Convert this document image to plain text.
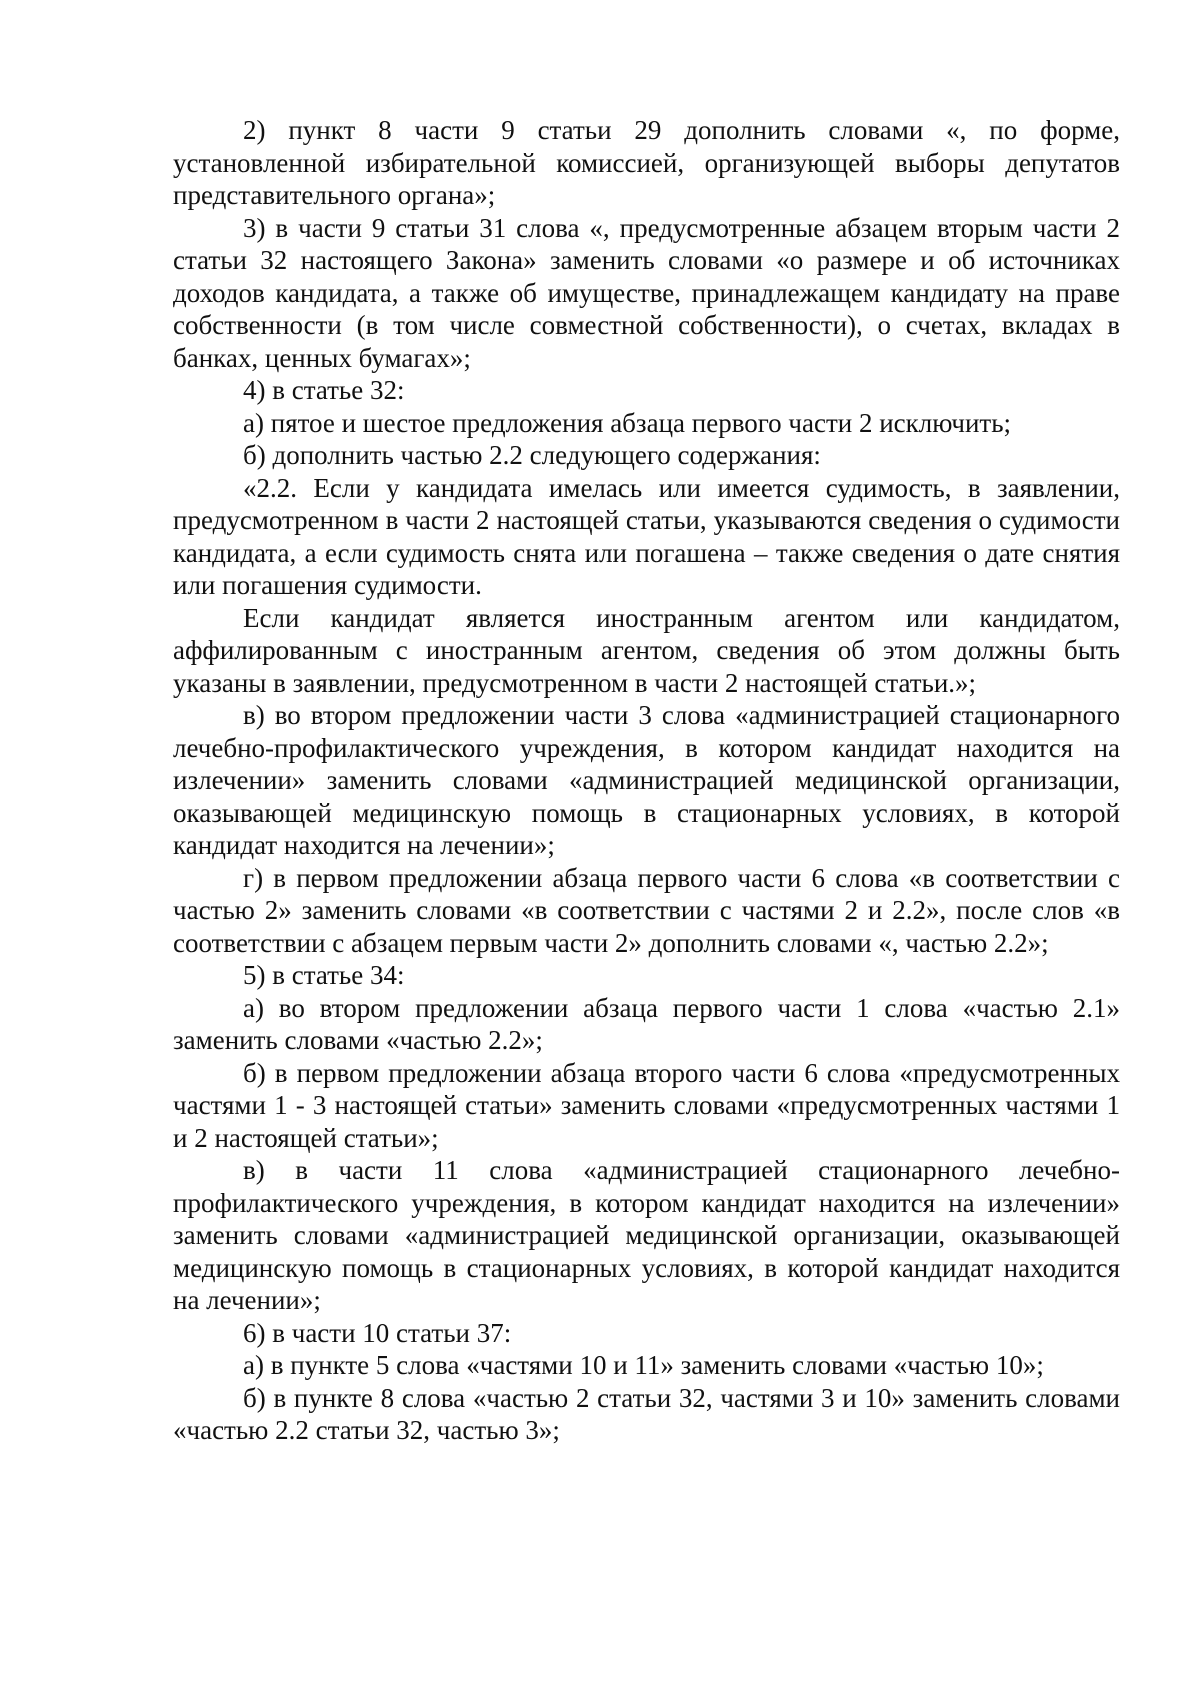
2) пункт 8 части 9 статьи 29 дополнить словами «, по форме, установленной избирательной комиссией, организующей выборы депутатов представительного органа»;

3) в части 9 статьи 31 слова «, предусмотренные абзацем вторым части 2 статьи 32 настоящего Закона» заменить словами «о размере и об источниках доходов кандидата, а также об имуществе, принадлежащем кандидату на праве собственности (в том числе совместной собственности), о счетах, вкладах в банках, ценных бумагах»;

4) в статье 32:

а) пятое и шестое предложения абзаца первого части 2 исключить;

б) дополнить частью 2.2 следующего содержания:

«2.2. Если у кандидата имелась или имеется судимость, в заявлении, предусмотренном в части 2 настоящей статьи, указываются сведения о судимости кандидата, а если судимость снята или погашена – также сведения о дате снятия или погашения судимости.

Если кандидат является иностранным агентом или кандидатом, аффилированным с иностранным агентом, сведения об этом должны быть указаны в заявлении, предусмотренном в части 2 настоящей статьи.»;

в) во втором предложении части 3 слова «администрацией стационарного лечебно-профилактического учреждения, в котором кандидат находится на излечении» заменить словами «администрацией медицинской организации, оказывающей медицинскую помощь в стационарных условиях, в которой кандидат находится на лечении»;

г) в первом предложении абзаца первого части 6 слова «в соответствии с частью 2» заменить словами «в соответствии с частями 2 и 2.2», после слов «в соответствии с абзацем первым части 2» дополнить словами «, частью 2.2»;

5) в статье 34:

а) во втором предложении абзаца первого части 1 слова «частью 2.1» заменить словами «частью 2.2»;

б) в первом предложении абзаца второго части 6 слова «предусмотренных частями 1 - 3 настоящей статьи» заменить словами «предусмотренных частями 1 и 2 настоящей статьи»;

в) в части 11 слова «администрацией стационарного лечебно-профилактического учреждения, в котором кандидат находится на излечении» заменить словами «администрацией медицинской организации, оказывающей медицинскую помощь в стационарных условиях, в которой кандидат находится на лечении»;

6) в части 10 статьи 37:

а) в пункте 5 слова «частями 10 и 11» заменить словами «частью 10»;

б) в пункте 8 слова «частью 2 статьи 32, частями 3 и 10» заменить словами «частью 2.2 статьи 32, частью 3»;
